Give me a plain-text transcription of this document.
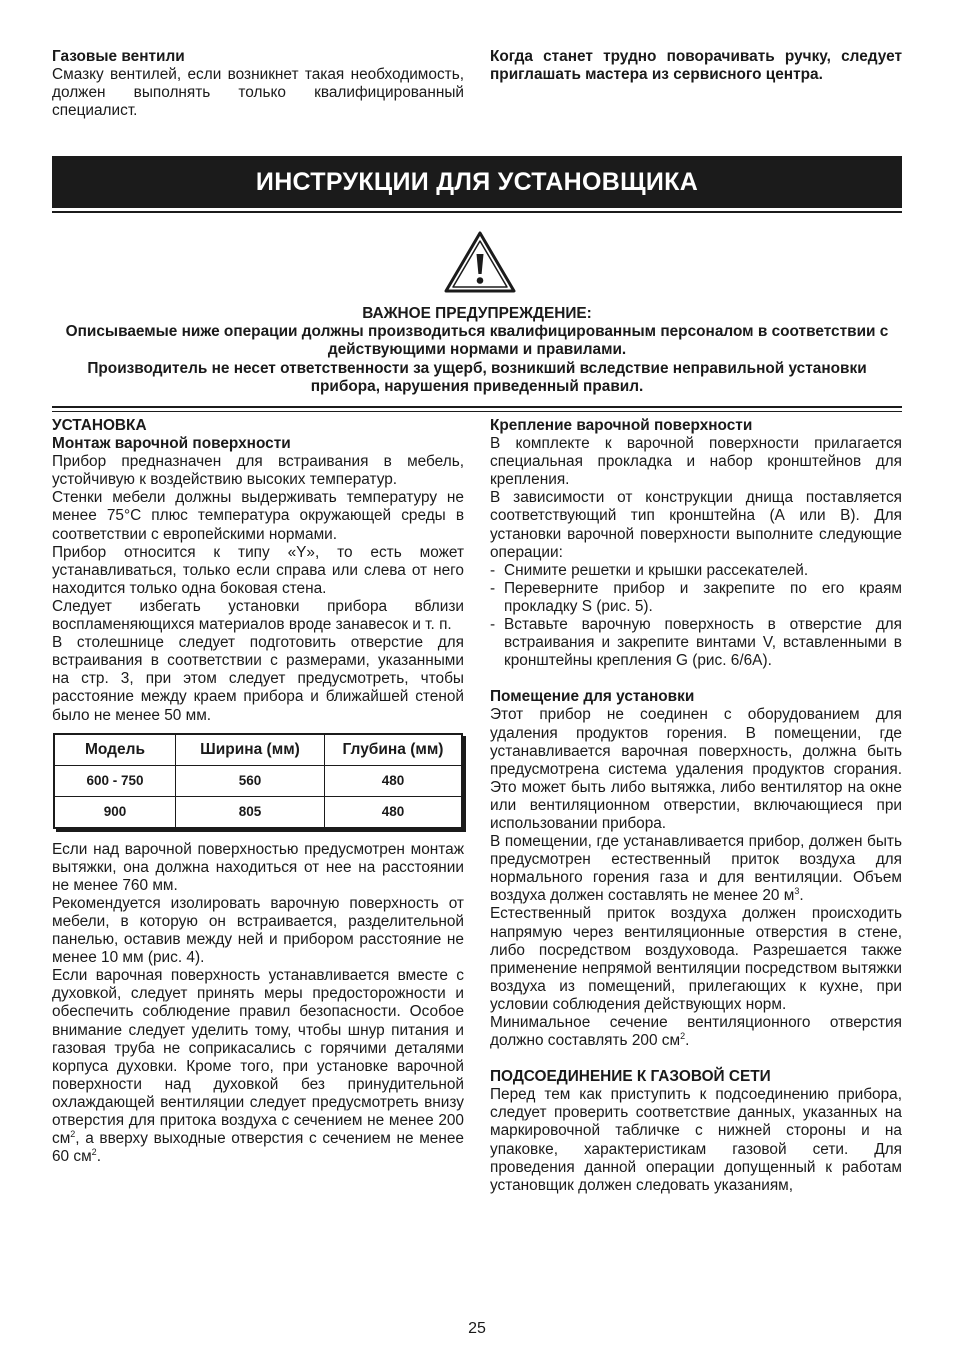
Газовые вентили

Смазку вентилей, если возникнет такая необходимость, должен выполнять только квалифицированный специалист.

Когда станет трудно поворачивать ручку, следует приглашать мастера из сервисного центра.

ИНСТРУКЦИИ ДЛЯ УСТАНОВЩИКА
ВАЖНОЕ ПРЕДУПРЕЖДЕНИЕ:
Описываемые ниже операции должны производиться квалифицированным персоналом в соответствии с действующими нормами и правилами.
Производитель не несет ответственности за ущерб, возникший вследствие неправильной установки прибора, нарушения приведенный правил.

УСТАНОВКА

Монтаж варочной поверхности

Прибор предназначен для встраивания в мебель, устойчивую к воздействию высоких температур.

Стенки мебели должны выдерживать температуру не менее 75°С плюс температура окружающей среды в соответствии с европейскими нормами.

Прибор относится к типу «Y», то есть может устанавливаться, только если справа или слева от него находится только одна боковая стена.

Следует избегать установки прибора вблизи воспламеняющихся материалов вроде занавесок и т. п.

В столешнице следует подготовить отверстие для встраивания в соответствии с размерами, указанными на стр. 3, при этом следует предусмотреть, чтобы расстояние между краем прибора и ближайшей стеной было не менее 50 мм.

Модель	Ширина (мм)	Глубина (мм)
600 - 750	560	480
900	805	480

Если над варочной поверхностью предусмотрен монтаж вытяжки, она должна находиться от нее на расстоянии не менее 760 мм.

Рекомендуется изолировать варочную поверхность от мебели, в которую он встраивается, разделительной панелью, оставив между ней и прибором расстояние не менее 10 мм (рис. 4).

Если варочная поверхность устанавливается вместе с духовкой, следует принять меры предосторожности и обеспечить соблюдение правил безопасности. Особое внимание следует уделить тому, чтобы шнур питания и газовая труба не соприкасались с горячими деталями корпуса духовки. Кроме того, при установке варочной поверхности над духовкой без принудительной охлаждающей вентиляции следует предусмотреть внизу отверстия для притока воздуха с сечением не менее 200 $см^2$, а вверху выходные отверстия с сечением не менее 60 $см^2$.

Крепление варочной поверхности

В комплекте к варочной поверхности прилагается специальная прокладка и набор кронштейнов для крепления.

В зависимости от конструкции днища поставляется соответствующий тип кронштейна (А или В). Для установки варочной поверхности выполните следующие операции:

- Снимите решетки и крышки рассекателей.
- Переверните прибор и закрепите по его краям прокладку S (рис. 5).
- Вставьте варочную поверхность в отверстие для встраивания и закрепите винтами V, вставленными в кронштейны крепления G (рис. 6/6А).

Помещение для установки

Этот прибор не соединен с оборудованием для удаления продуктов горения. В помещении, где устанавливается варочная поверхность, должна быть предусмотрена система удаления продуктов сгорания. Это может быть либо вытяжка, либо вентилятор на окне или вентиляционном отверстии, включающиеся при использовании прибора.

В помещении, где устанавливается прибор, должен быть предусмотрен естественный приток воздуха для нормального горения газа и для вентиляции. Объем воздуха должен составлять не менее 20 $м^3$.

Естественный приток воздуха должен происходить напрямую через вентиляционные отверстия в стене, либо посредством воздуховода. Разрешается также применение непрямой вентиляции посредством вытяжки воздуха из помещений, прилегающих к кухне, при условии соблюдения действующих норм.

Минимальное сечение вентиляционного отверстия должно составлять 200 $см^2$.

ПОДСОЕДИНЕНИЕ К ГАЗОВОЙ СЕТИ

Перед тем как приступить к подсоединению прибора, следует проверить соответствие данных, указанных на маркировочной табличке с нижней стороны и на упаковке, характеристикам газовой сети. Для проведения данной операции допущенный к работам установщик должен следовать указаниям,

25
